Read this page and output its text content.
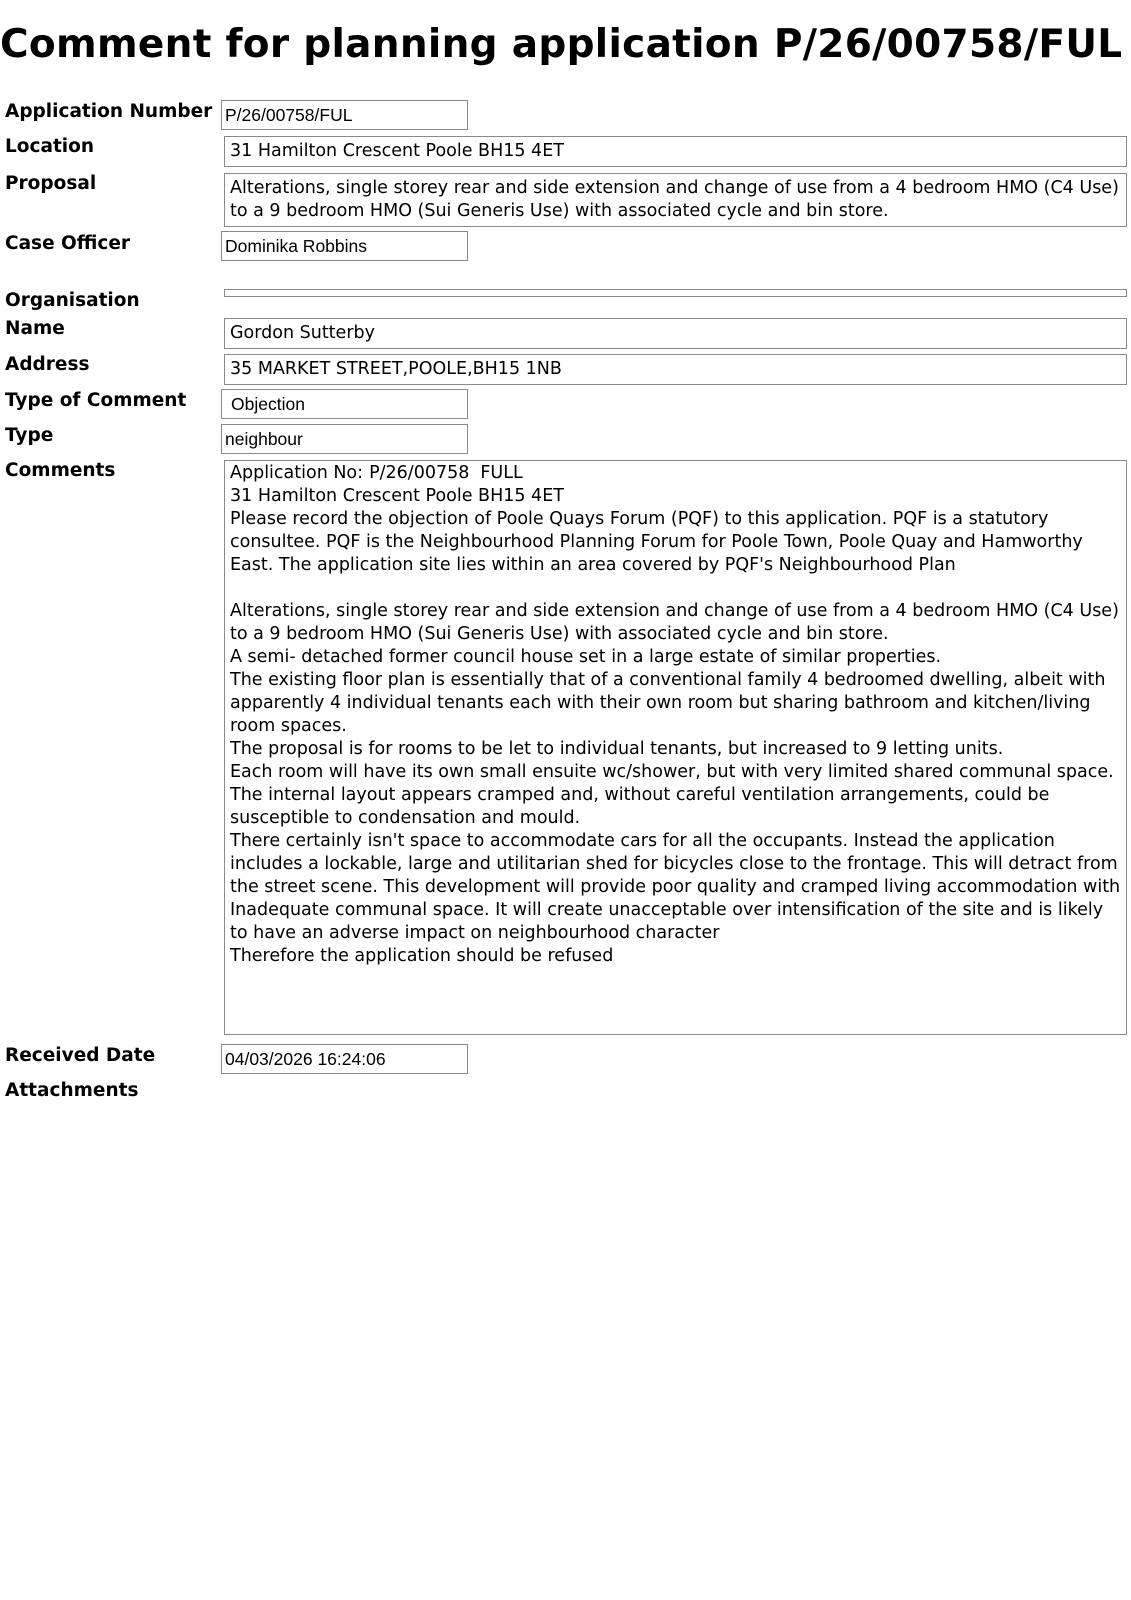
Comment for planning application P/26/00758/FUL
Application Number P/26/00758/FUL
Location	31 Hamilton Crescent Poole BH15 4ET
Proposal	Alterations, single storey rear and side extension and change of use from a 4 bedroom HMO (C4 Use) to a 9 bedroom HMO (Sui Generis Use) with associated cycle and bin store.
Case Officer	Dominika Robbins
Organisation
Name	Gordon Sutterby
Address	35 MARKET STREET,POOLE,BH15 1NB
Type of Comment	Objection
Type	neighbour
Comments	Application No:	P/26/00758	FULL
31 Hamilton Crescent Poole BH15 4ET
Please record the objection of Poole Quays Forum (PQF) to this application. PQF is a statutory consultee. PQF is the Neighbourhood Planning Forum for Poole Town, Poole Quay and Hamworthy East. The application site lies within an area covered by PQF's Neighbourhood Plan

Alterations, single storey rear and side extension and change of use from a 4 bedroom HMO (C4 Use) to a 9 bedroom HMO (Sui Generis Use) with associated cycle and bin store.
A semi- detached former council house set in a large estate of similar properties.
The existing floor plan is essentially that of a conventional family 4 bedroomed dwelling, albeit with apparently 4 individual tenants each with their own room but sharing bathroom and kitchen/living room spaces.
The proposal is for rooms to be let to individual tenants, but increased to 9 letting units.
Each room will have its own small ensuite wc/shower, but with very limited shared communal space. The internal layout appears cramped and, without careful ventilation arrangements, could be susceptible to condensation and mould.
There certainly isn't space to accommodate cars for all the occupants. Instead the application includes a lockable, large and utilitarian shed for bicycles close to the frontage. This will detract from the street scene. This development will provide poor quality and cramped living accommodation with Inadequate communal space. It will create unacceptable over intensification of the site and is likely to have an adverse impact on neighbourhood character
Therefore the application should be refused
Received Date	04/03/2026 16:24:06
Attachments
